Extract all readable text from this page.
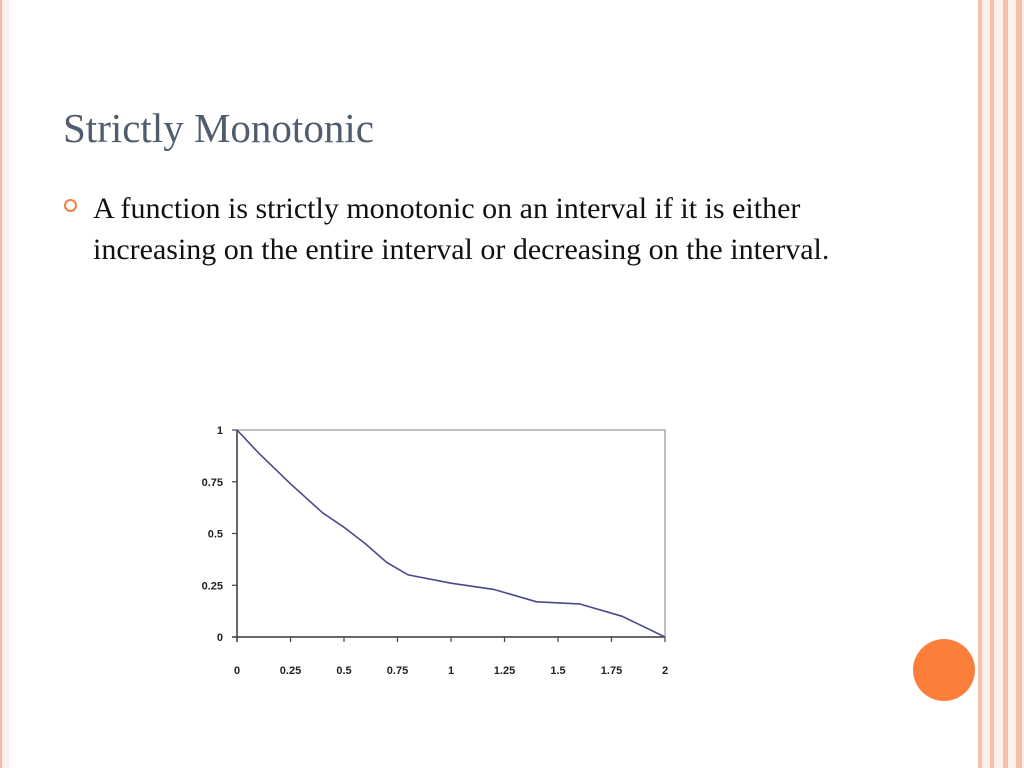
Strictly Monotonic

A function is strictly monotonic on an interval if it is either increasing on the entire interval or decreasing on the interval.

0
0.25
0.5
0.75
1
0	0.25	0.5	0.75	1	1.25	1.5	1.75	2
